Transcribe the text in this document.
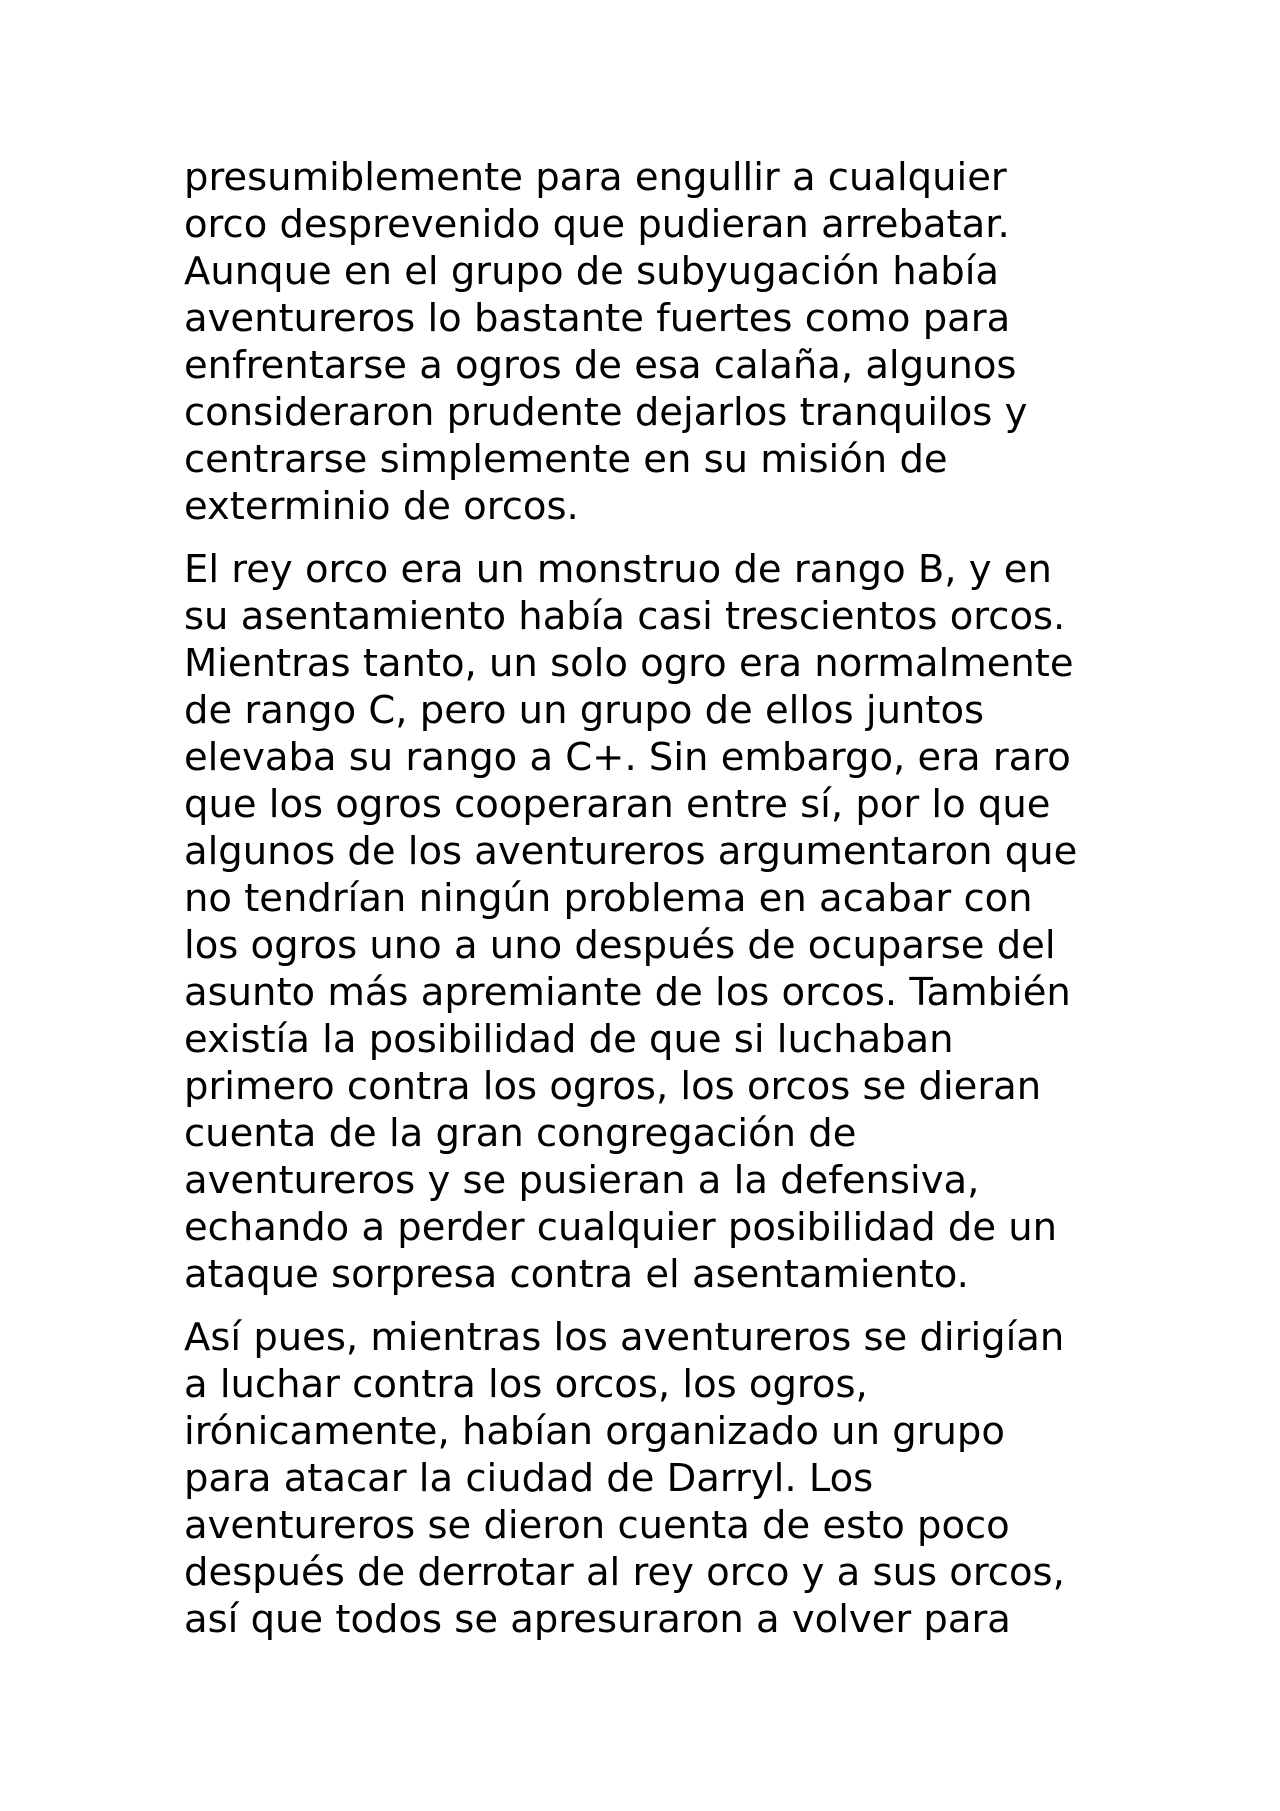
presumiblemente para engullir a cualquier
orco desprevenido que pudieran arrebatar.
Aunque en el grupo de subyugación había
aventureros lo bastante fuertes como para
enfrentarse a ogros de esa calaña, algunos
consideraron prudente dejarlos tranquilos y
centrarse simplemente en su misión de
exterminio de orcos.

El rey orco era un monstruo de rango B, y en
su asentamiento había casi trescientos orcos.
Mientras tanto, un solo ogro era normalmente
de rango C, pero un grupo de ellos juntos
elevaba su rango a C+. Sin embargo, era raro
que los ogros cooperaran entre sí, por lo que
algunos de los aventureros argumentaron que
no tendrían ningún problema en acabar con
los ogros uno a uno después de ocuparse del
asunto más apremiante de los orcos. También
existía la posibilidad de que si luchaban
primero contra los ogros, los orcos se dieran
cuenta de la gran congregación de
aventureros y se pusieran a la defensiva,
echando a perder cualquier posibilidad de un
ataque sorpresa contra el asentamiento.

Así pues, mientras los aventureros se dirigían
a luchar contra los orcos, los ogros,
irónicamente, habían organizado un grupo
para atacar la ciudad de Darryl. Los
aventureros se dieron cuenta de esto poco
después de derrotar al rey orco y a sus orcos,
así que todos se apresuraron a volver para
